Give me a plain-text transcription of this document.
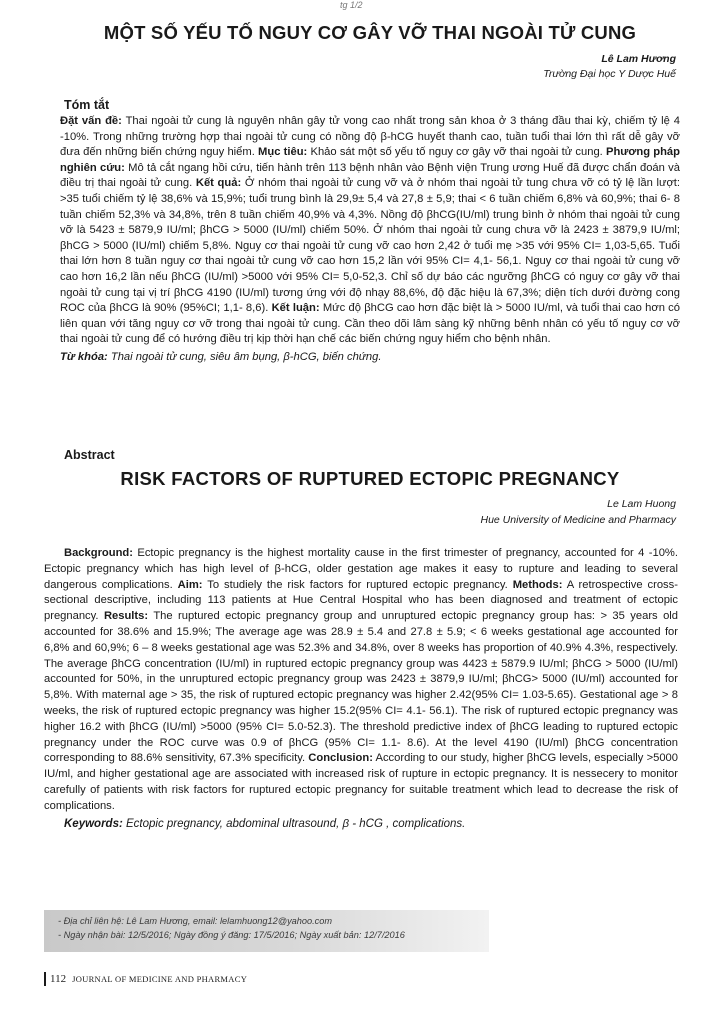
tg 1/2
MỘT SỐ YẾU TỐ NGUY CƠ GÂY VỠ THAI NGOÀI TỬ CUNG
Lê Lam Hương
Trường Đại học Y Dược Huế
Tóm tắt

Đặt vấn đề: Thai ngoài tử cung là nguyên nhân gây tử vong cao nhất trong sản khoa ở 3 tháng đầu thai kỳ, chiếm tỷ lệ 4 -10%. Trong những trường hợp thai ngoài tử cung có nồng độ β-hCG huyết thanh cao, tuần tuổi thai lớn thì rất dễ gây vỡ đưa đến những biến chứng nguy hiểm. Mục tiêu: Khảo sát một số yếu tố nguy cơ gây vỡ thai ngoài tử cung. Phương pháp nghiên cứu: Mô tả cắt ngang hồi cứu, tiến hành trên 113 bệnh nhân vào Bệnh viện Trung ương Huế đã được chẩn đoán và điều trị thai ngoài tử cung. Kết quả: Ở nhóm thai ngoài tử cung vỡ và ở nhóm thai ngoài tử tung chưa vỡ có tỷ lệ lần lượt: >35 tuổi chiếm tỷ lệ 38,6% và 15,9%; tuổi trung bình là 29,9± 5,4 và 27,8 ± 5,9; thai < 6 tuần chiếm 6,8% và 60,9%; thai 6- 8 tuần chiếm 52,3% và 34,8%, trên 8 tuần chiếm 40,9% và 4,3%. Nồng độ βhCG(IU/ml) trung bình ở nhóm thai ngoài tử cung vỡ là 5423 ± 5879,9 IU/ml; βhCG > 5000 (IU/ml) chiếm 50%. Ở nhóm thai ngoài tử cung chưa vỡ là 2423 ± 3879,9 IU/ml; βhCG > 5000 (IU/ml) chiếm 5,8%. Nguy cơ thai ngoài tử cung vỡ cao hơn 2,42 ở tuổi mẹ >35 với 95% CI= 1,03-5,65. Tuổi thai lớn hơn 8 tuần nguy cơ thai ngoài tử cung vỡ cao hơn 15,2 lần với 95% CI= 4,1- 56,1. Nguy cơ thai ngoài tử cung vỡ cao hơn 16,2 lần nếu βhCG (IU/ml) >5000 với 95% CI= 5,0-52,3. Chỉ số dự báo các ngưỡng βhCG có nguy cơ gây vỡ thai ngoài tử cung tại vị trí βhCG 4190 (IU/ml) tương ứng với độ nhạy 88,6%, độ đặc hiệu là 67,3%; diện tích dưới đường cong ROC của βhCG là 90% (95%CI; 1,1- 8,6). Kết luận: Mức độ βhCG cao hơn đặc biệt là > 5000 IU/ml, và tuổi thai cao hơn có liên quan với tăng nguy cơ vỡ trong thai ngoài tử cung. Cần theo dõi lâm sàng kỹ những bênh nhân có yếu tố nguy cơ vỡ thai ngoài tử cung để có hướng điều trị kịp thời hạn chế các biến chứng nguy hiểm cho bệnh nhân.

Từ khóa: Thai ngoài tử cung, siêu âm bụng, β-hCG, biến chứng.

Abstract
RISK FACTORS OF RUPTURED ECTOPIC PREGNANCY
Le Lam Huong
Hue University of Medicine and Pharmacy

Background: Ectopic pregnancy is the highest mortality cause in the first trimester of pregnancy, accounted for 4 -10%. Ectopic pregnancy which has high level of β-hCG, older gestation age makes it easy to rupture and leading to several dangerous complications. Aim: To studiely the risk factors for ruptured ectopic pregnancy. Methods: A retrospective cross-sectional descriptive, including 113 patients at Hue Central Hospital who has been diagnosed and treatment of ectopic pregnancy. Results: The ruptured ectopic pregnancy group and unruptured ectopic pregnancy group has: > 35 years old accounted for 38.6% and 15.9%; The average age was 28.9 ± 5.4 and 27.8 ± 5.9; < 6 weeks gestational age accounted for 6,8% and 60,9%; 6 – 8 weeks gestational age was 52.3% and 34.8%, over 8 weeks has proportion of 40.9% 4.3%, respectively. The average βhCG concentration (IU/ml) in ruptured ectopic pregnancy group was 4423 ± 5879.9 IU/ml; βhCG > 5000 (IU/ml) accounted for 50%, in the unruptured ectopic pregnancy group was 2423 ± 3879,9 IU/ml; βhCG> 5000 (IU/ml) accounted for 5,8%. With maternal age > 35, the risk of ruptured ectopic pregnancy was higher 2.42(95% CI= 1.03-5.65). Gestational age > 8 weeks, the risk of ruptured ectopic pregnancy was higher 15.2(95% CI= 4.1- 56.1). The risk of ruptured ectopic pregnancy was higher 16.2 with βhCG (IU/ml) >5000 (95% CI= 5.0-52.3). The threshold predictive index of βhCG leading to ruptured ectopic pregnancy under the ROC curve was 0.9 of βhCG (95% CI= 1.1- 8.6). At the level 4190 (IU/ml) βhCG concentration corresponding to 88.6% sensitivity, 67.3% specificity. Conclusion: According to our study, higher βhCG levels, especially >5000 IU/ml, and higher gestational age are associated with increased risk of rupture in ectopic pregnancy. It is nessecery to monitor carefully of patients with risk factors for ruptured ectopic pregnancy for suitable treatment which lead to decrease the risk of complications.

Keywords: Ectopic pregnancy, abdominal ultrasound, β - hCG , complications.

- Địa chỉ liên hệ: Lê Lam Hương, email: lelamhuong12@yahoo.com

- Ngày nhận bài: 12/5/2016; Ngày đồng ý đăng: 17/5/2016; Ngày xuất bản: 12/7/2016

112 JOURNAL OF MEDICINE AND PHARMACY
